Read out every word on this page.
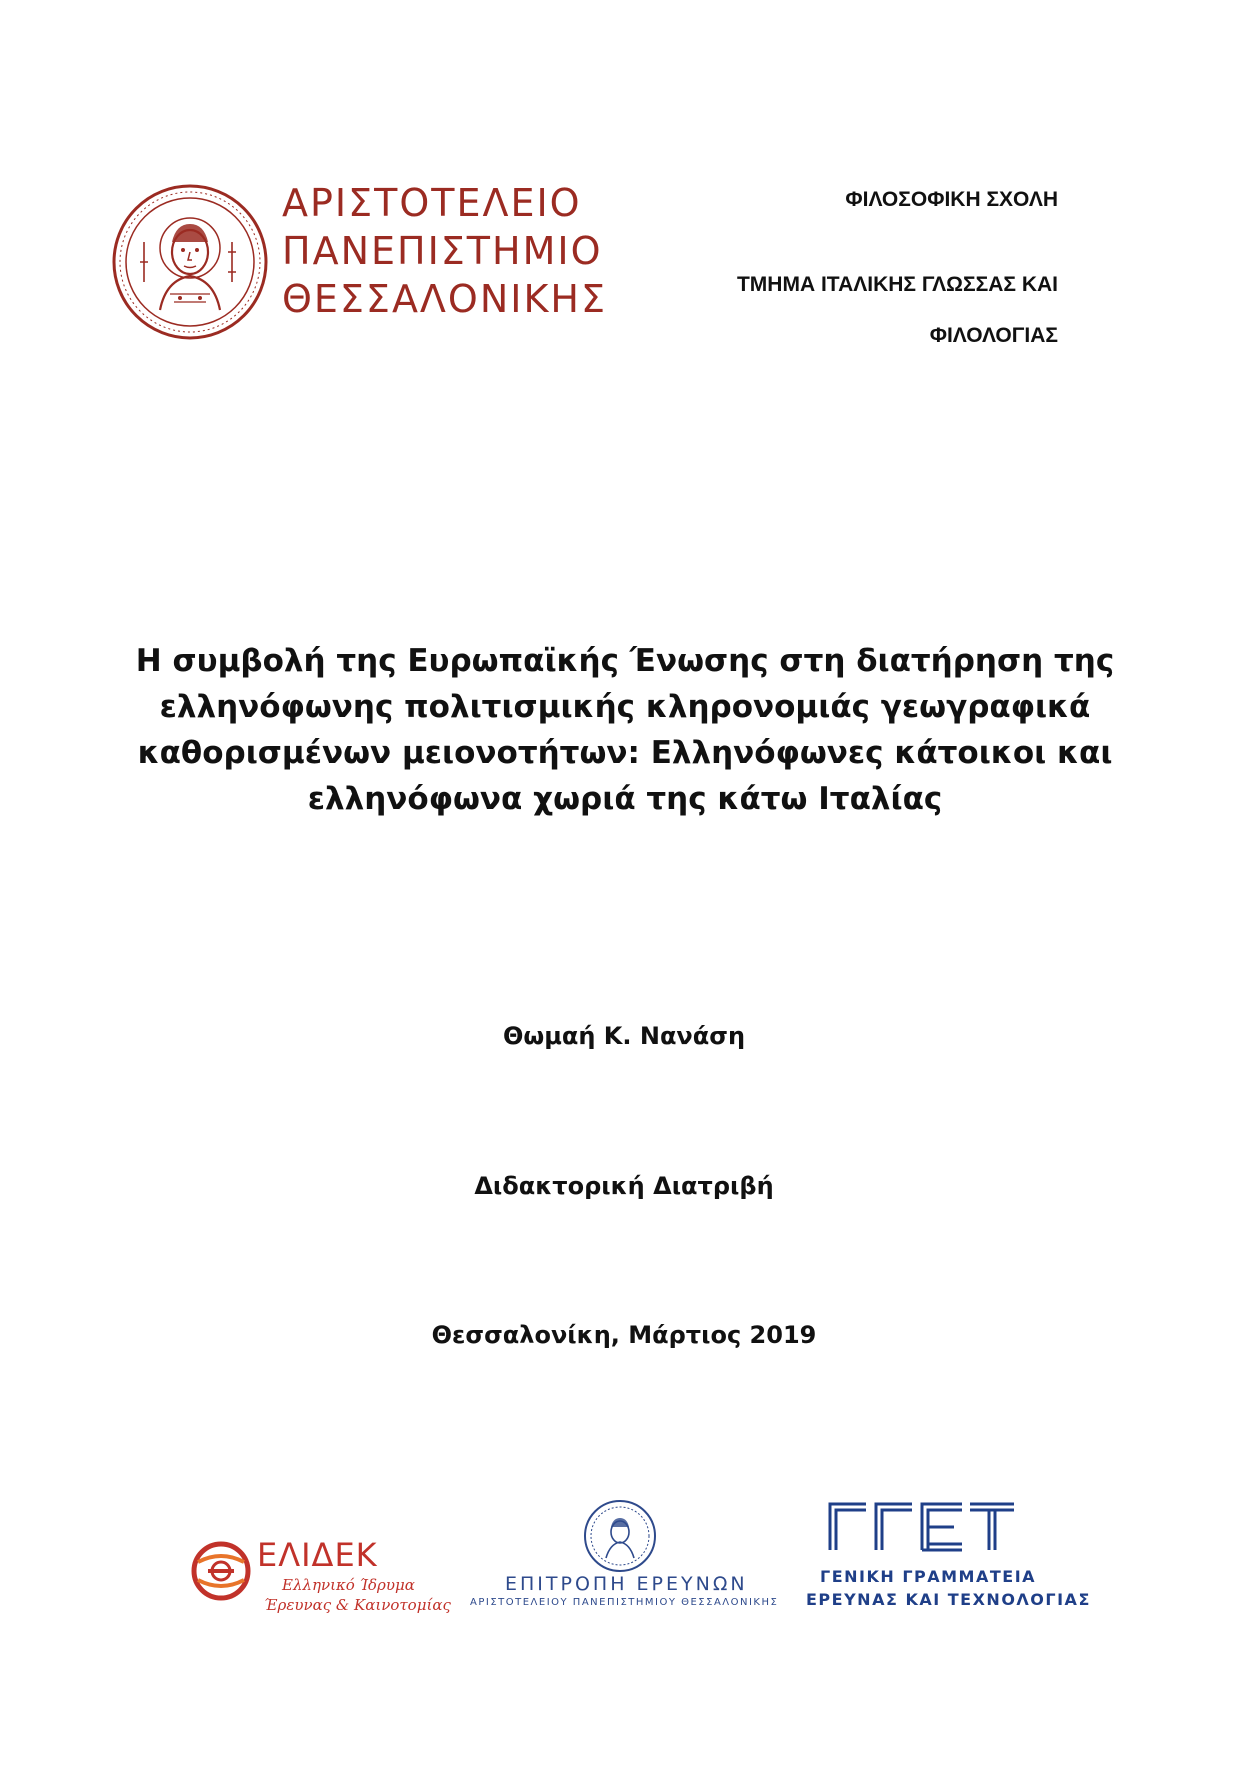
ΑΡΙΣΤΟΤΕΛΕΙΟ
ΠΑΝΕΠΙΣΤΗΜΙΟ
ΘΕΣΣΑΛΟΝΙΚΗΣ
ΦΙΛΟΣΟΦΙΚΗ ΣΧΟΛΗ
ΤΜΗΜΑ ΙΤΑΛΙΚΗΣ ΓΛΩΣΣΑΣ ΚΑΙ
ΦΙΛΟΛΟΓΙΑΣ
Η συμβολή της Ευρωπαϊκής Ένωσης στη διατήρηση της
ελληνόφωνης πολιτισμικής κληρονομιάς γεωγραφικά
καθορισμένων μειονοτήτων: Ελληνόφωνες κάτοικοι και
ελληνόφωνα χωριά της κάτω Ιταλίας
Θωμαή Κ. Νανάση
Διδακτορική Διατριβή
Θεσσαλονίκη, Μάρτιος 2019
ΕΛΙΔΕΚ
Ελληνικό Ίδρυμα
Έρευνας & Καινοτομίας
ΕΠΙΤΡΟΠΗ ΕΡΕΥΝΩΝ
ΑΡΙΣΤΟΤΕΛΕΙΟΥ ΠΑΝΕΠΙΣΤΗΜΙΟΥ ΘΕΣΣΑΛΟΝΙΚΗΣ
ΓΕΝΙΚΗ ΓΡΑΜΜΑΤΕΙΑ
ΕΡΕΥΝΑΣ ΚΑΙ ΤΕΧΝΟΛΟΓΙΑΣ
